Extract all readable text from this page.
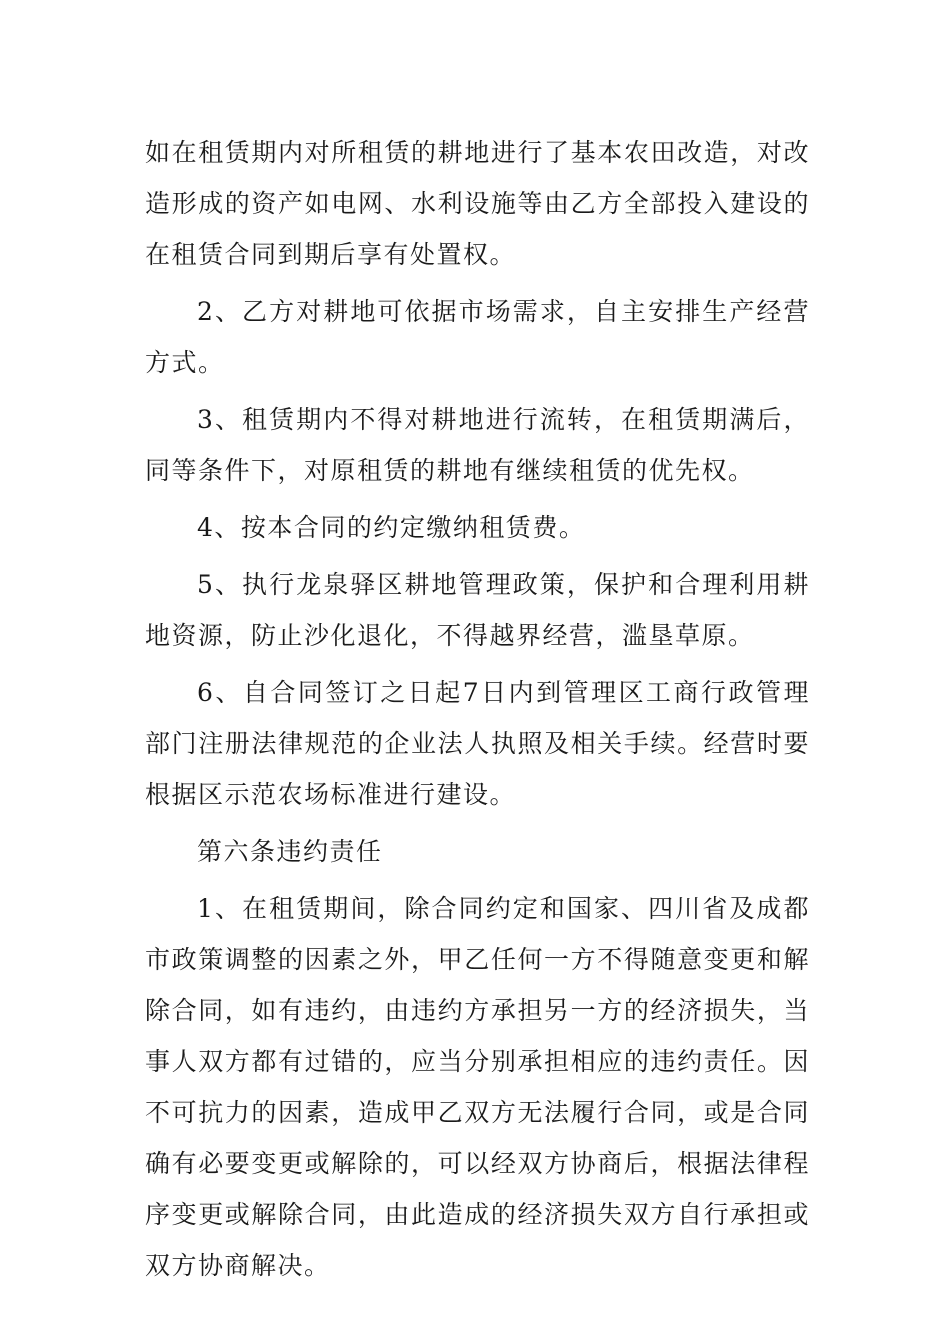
如在租赁期内对所租赁的耕地进行了基本农田改造，对改造形成的资产如电网、水利设施等由乙方全部投入建设的在租赁合同到期后享有处置权。

2、乙方对耕地可依据市场需求，自主安排生产经营方式。

3、租赁期内不得对耕地进行流转，在租赁期满后，同等条件下，对原租赁的耕地有继续租赁的优先权。

4、按本合同的约定缴纳租赁费。

5、执行龙泉驿区耕地管理政策，保护和合理利用耕地资源，防止沙化退化，不得越界经营，滥垦草原。

6、自合同签订之日起7日内到管理区工商行政管理部门注册法律规范的企业法人执照及相关手续。经营时要根据区示范农场标准进行建设。

第六条违约责任

1、在租赁期间，除合同约定和国家、四川省及成都市政策调整的因素之外，甲乙任何一方不得随意变更和解除合同，如有违约，由违约方承担另一方的经济损失，当事人双方都有过错的，应当分别承担相应的违约责任。因不可抗力的因素，造成甲乙双方无法履行合同，或是合同确有必要变更或解除的，可以经双方协商后，根据法律程序变更或解除合同，由此造成的经济损失双方自行承担或双方协商解决。
